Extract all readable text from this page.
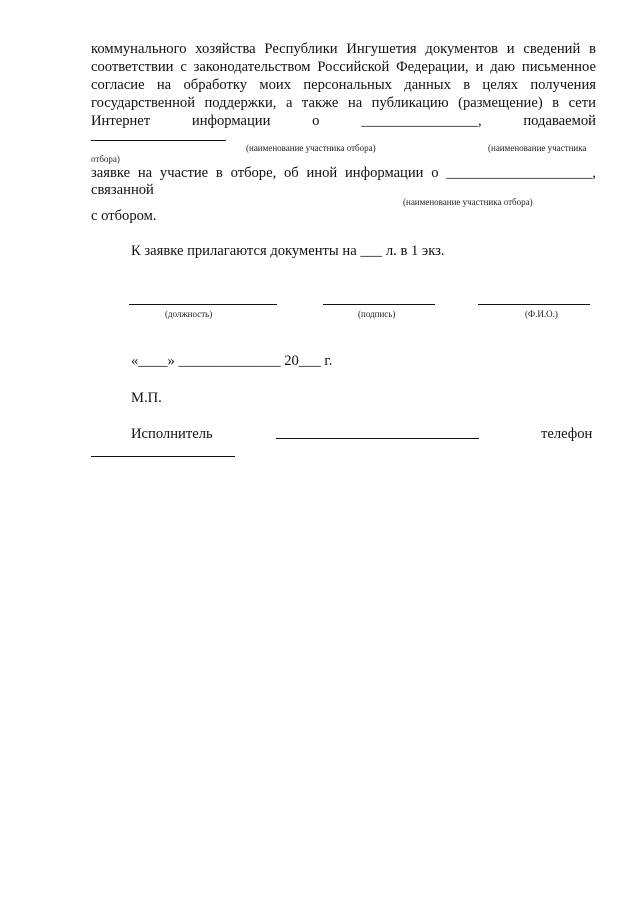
коммунального хозяйства Республики Ингушетия документов и сведений в
соответствии с законодательством Российской Федерации, и даю письменное
согласие на обработку моих персональных данных в целях получения
государственной поддержки, а также на публикацию (размещение) в сети
Интернет	информации	о	________________,	подаваемой
(наименование участника отбора)	(наименование участника
отбора)
заявке на участие в отборе, об иной информации о ____________________,
связанной
(наименование участника отбора)
с отбором.
К заявке прилагаются документы на ___ л. в 1 экз.
(должность)	(подпись)	(Ф.И.О.)
«____» ______________ 20___ г.
М.П.
Исполнитель	телефон
